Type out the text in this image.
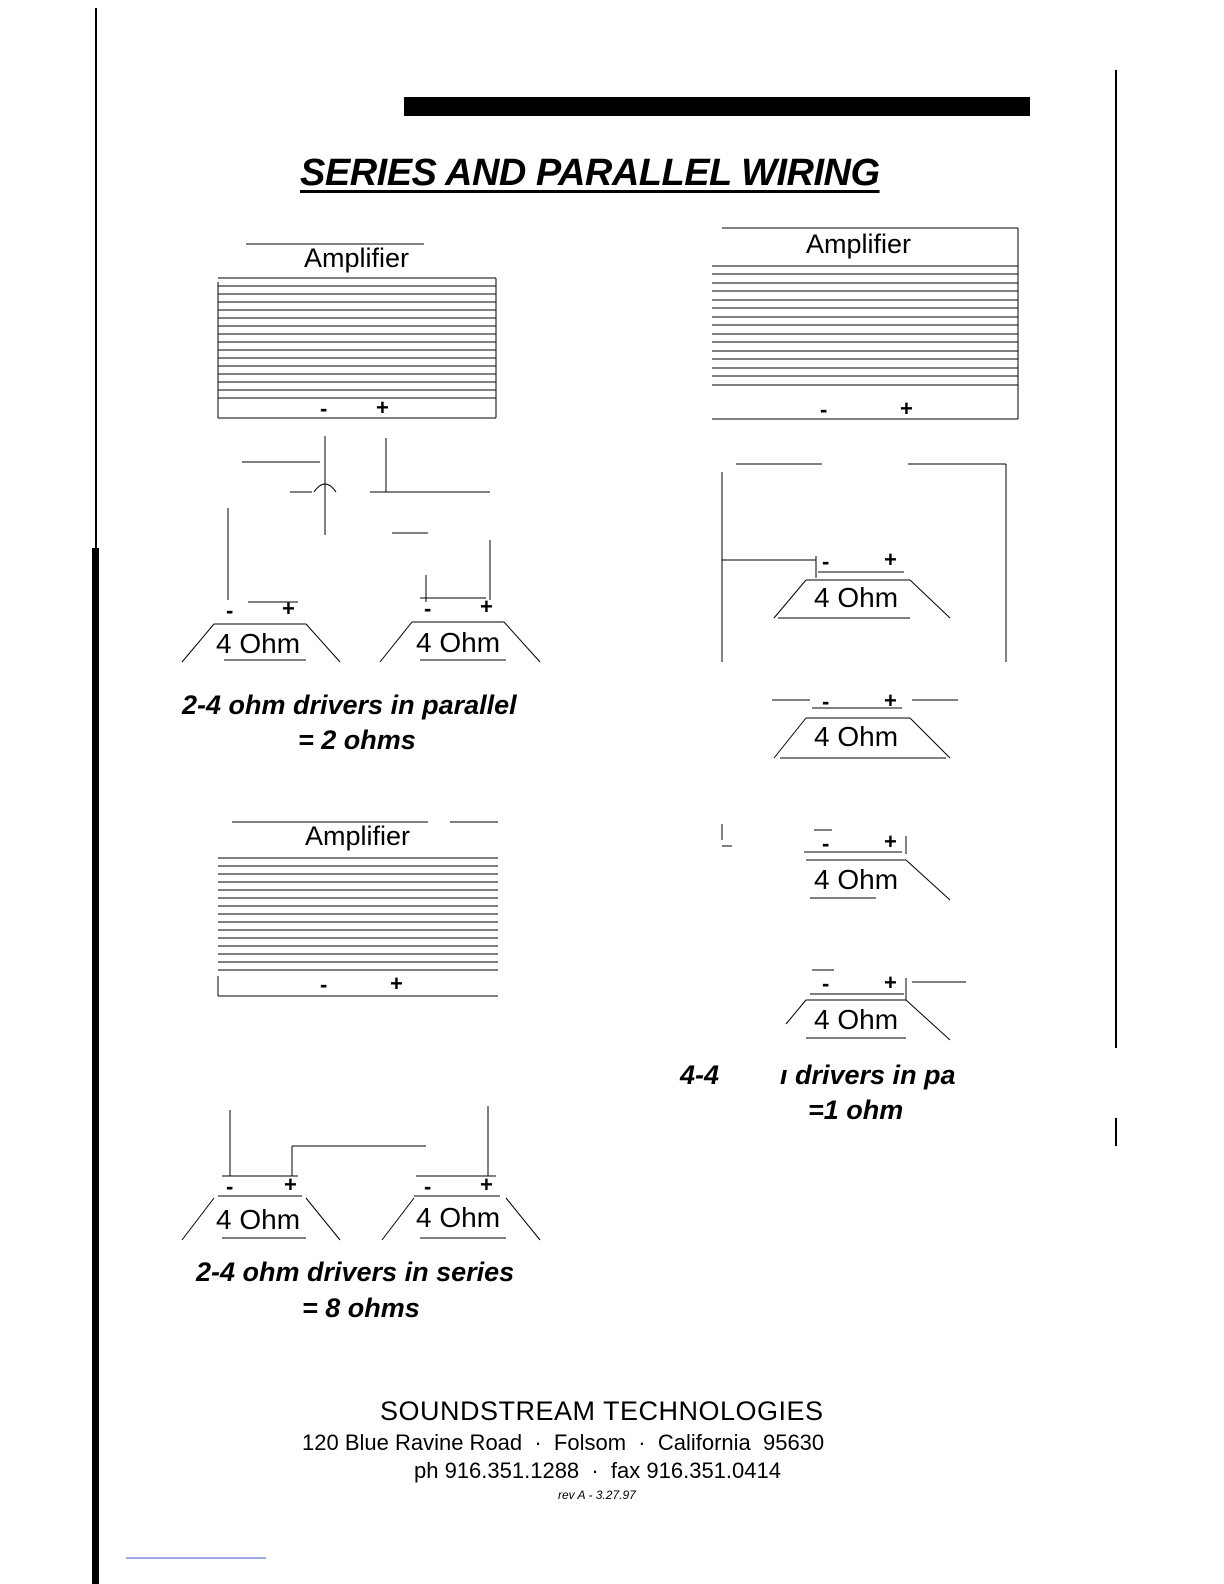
SERIES AND PARALLEL WIRING
Amplifier	Amplifier
Amplifier
- +	-	+
-	+
- +	- +
- +
- +
- +
- +
- +	- +
4 Ohm	4 Ohm
4 Ohm
4 Ohm
4 Ohm
4 Ohm
4 Ohm	4 Ohm
2-4 ohm drivers in parallel
= 2 ohms
2-4 ohm drivers in series
= 8 ohms
4-4 ı drivers in pa
=1 ohm
SOUNDSTREAM TECHNOLOGIES
120 Blue Ravine Road  ·  Folsom  ·  California  95630
ph 916.351.1288  ·  fax 916.351.0414
rev A - 3.27.97
